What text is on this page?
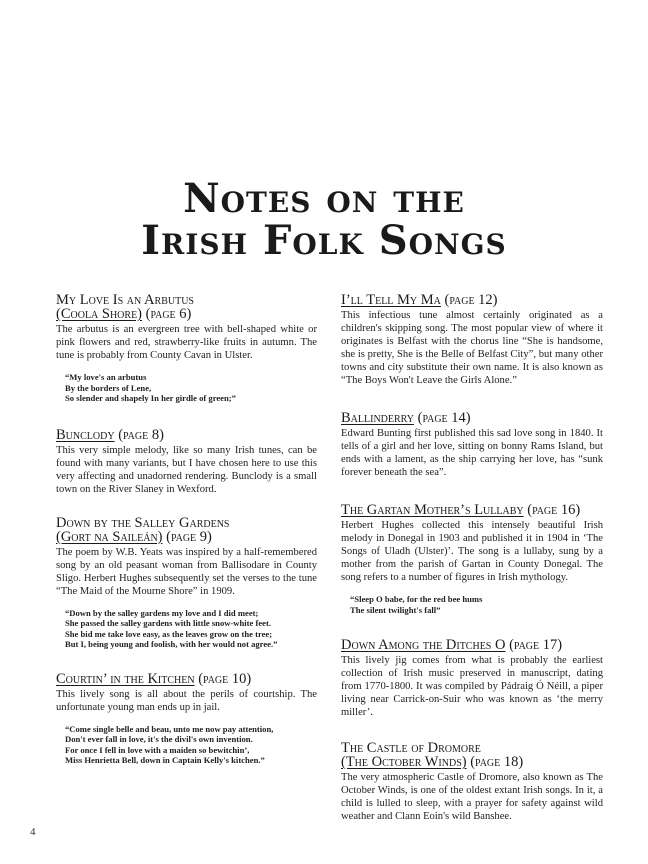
Notes on the
Irish Folk Songs
My Love Is an Arbutus
(Coola Shore) (page 6)

The arbutus is an evergreen tree with bell-shaped white or pink flowers and red, strawberry-like fruits in autumn. The tune is probably from County Cavan in Ulster.

“My love's an arbutus
By the borders of Lene,
So slender and shapely In her girdle of green;”
Bunclody (page 8)

This very simple melody, like so many Irish tunes, can be found with many variants, but I have chosen here to use this very affecting and unadorned rendering. Bunclody is a small town on the River Slaney in Wexford.

Down by the Salley Gardens
(Gort na Saileán) (page 9)

The poem by W.B. Yeats was inspired by a half-remembered song by an old peasant woman from Ballisodare in County Sligo. Herbert Hughes subsequently set the verses to the tune “The Maid of the Mourne Shore” in 1909.

“Down by the salley gardens my love and I did meet;
She passed the salley gardens with little snow-white feet.
She bid me take love easy, as the leaves grow on the tree;
But I, being young and foolish, with her would not agree.”
Courtin’ in the Kitchen (page 10)

This lively song is all about the perils of courtship. The unfortunate young man ends up in jail.

“Come single belle and beau, unto me now pay attention,
Don't ever fall in love, it's the divil's own invention.
For once I fell in love with a maiden so bewitchin’,
Miss Henrietta Bell, down in Captain Kelly's kitchen.”
I’ll Tell My Ma (page 12)

This infectious tune almost certainly originated as a children's skipping song. The most popular view of where it originates is Belfast with the chorus line “She is handsome, she is pretty, She is the Belle of Belfast City”, but many other towns and city substitute their own name. It is also known as “The Boys Won't Leave the Girls Alone.”

Ballinderry (page 14)

Edward Bunting first published this sad love song in 1840. It tells of a girl and her love, sitting on bonny Rams Island, but ends with a lament, as the ship carrying her love, has “sunk forever beneath the sea”.

The Gartan Mother’s Lullaby (page 16)

Herbert Hughes collected this intensely beautiful Irish melody in Donegal in 1903 and published it in 1904 in ‘The Songs of Uladh (Ulster)’. The song is a lullaby, sung by a mother from the parish of Gartan in County Donegal. The song refers to a number of figures in Irish mythology.

“Sleep O babe, for the red bee hums
The silent twilight's fall”
Down Among the Ditches O (page 17)

This lively jig comes from what is probably the earliest collection of Irish music preserved in manuscript, dating from 1770-1800. It was compiled by Pádraig Ó Néill, a piper living near Carrick-on-Suir who was known as ‘the merry miller’.

The Castle of Dromore
(The October Winds) (page 18)

The very atmospheric Castle of Dromore, also known as The October Winds, is one of the oldest extant Irish songs. In it, a child is lulled to sleep, with a prayer for safety against wild weather and Clann Eoin's wild Banshee.

4
